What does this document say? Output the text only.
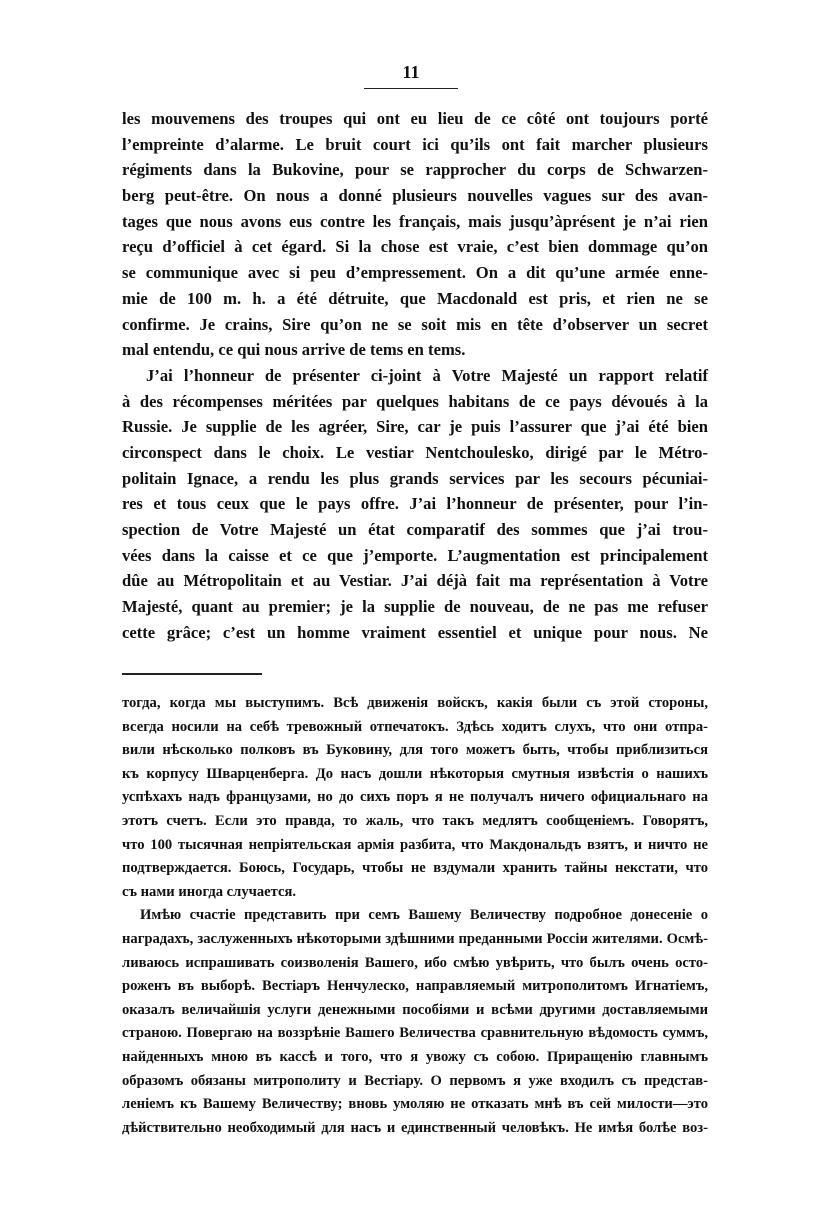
11
les mouvemens des troupes qui ont eu lieu de ce côté ont toujours porté
l’empreinte d’alarme. Le bruit court ici qu’ils ont fait marcher plusieurs
régiments dans la Bukovine, pour se rapprocher du corps de Schwarzen-
berg peut-être. On nous a donné plusieurs nouvelles vagues sur des avan-
tages que nous avons eus contre les français, mais jusqu’àprésent je n’ai rien
reçu d’officiel à cet égard. Si la chose est vraie, c’est bien dommage qu’on
se communique avec si peu d’empressement. On a dit qu’une armée enne-
mie de 100 m. h. a été détruite, que Macdonald est pris, et rien ne se
confirme. Je crains, Sire qu’on ne se soit mis en tête d’observer un secret
mal entendu, ce qui nous arrive de tems en tems.
J’ai l’honneur de présenter ci-joint à Votre Majesté un rapport relatif
à des récompenses méritées par quelques habitans de ce pays dévoués à la
Russie. Je supplie de les agréer, Sire, car je puis l’assurer que j’ai été bien
circonspect dans le choix. Le vestiar Nentchoulesko, dirigé par le Métro-
politain Ignace, a rendu les plus grands services par les secours pécuniai-
res et tous ceux que le pays offre. J’ai l’honneur de présenter, pour l’in-
spection de Votre Majesté un état comparatif des sommes que j’ai trou-
vées dans la caisse et ce que j’emporte. L’augmentation est principalement
dûe au Métropolitain et au Vestiar. J’ai déjà fait ma représentation à Votre
Majesté, quant au premier; je la supplie de nouveau, de ne pas me refuser
cette grâce; c’est un homme vraiment essentiel et unique pour nous. Ne
тогда, когда мы выступимъ. Всѣ движенія войскъ, какія были съ этой стороны,
всегда носили на себѣ тревожный отпечатокъ. Здѣсь ходитъ слухъ, что они отпра-
вили нѣсколько полковъ въ Буковину, для того можетъ быть, чтобы приблизиться
къ корпусу Шварценберга. До насъ дошли нѣкоторыя смутныя извѣстія о нашихъ
успѣхахъ надъ французами, но до сихъ поръ я не получалъ ничего официальнаго на
этотъ счетъ. Если это правда, то жаль, что такъ медлятъ сообщеніемъ. Говорятъ,
что 100 тысячная непріятельская армія разбита, что Макдональдъ взятъ, и ничто не
подтверждается. Боюсь, Государь, чтобы не вздумали хранить тайны некстати, что
съ нами иногда случается.
Имѣю счастіе представить при семъ Вашему Величеству подробное донесеніе о
наградахъ, заслуженныхъ нѣкоторыми здѣшними преданными Россіи жителями. Осмѣ-
ливаюсь испрашивать соизволенія Вашего, ибо смѣю увѣрить, что былъ очень осто-
роженъ въ выборѣ. Вестіаръ Ненчулеско, направляемый митрополитомъ Игнатіемъ,
оказалъ величайшія услуги денежными пособіями и всѣми другими доставляемыми
страною. Повергаю на воззрѣніе Вашего Величества сравнительную вѣдомость суммъ,
найденныхъ мною въ кассѣ и того, что я увожу съ собою. Приращенію главнымъ
образомъ обязаны митрополиту и Вестіару. О первомъ я уже входилъ съ представ-
леніемъ къ Вашему Величеству; вновь умоляю не отказать мнѣ въ сей милости—это
дѣйствительно необходимый для насъ и единственный человѣкъ. Не имѣя болѣе воз-
